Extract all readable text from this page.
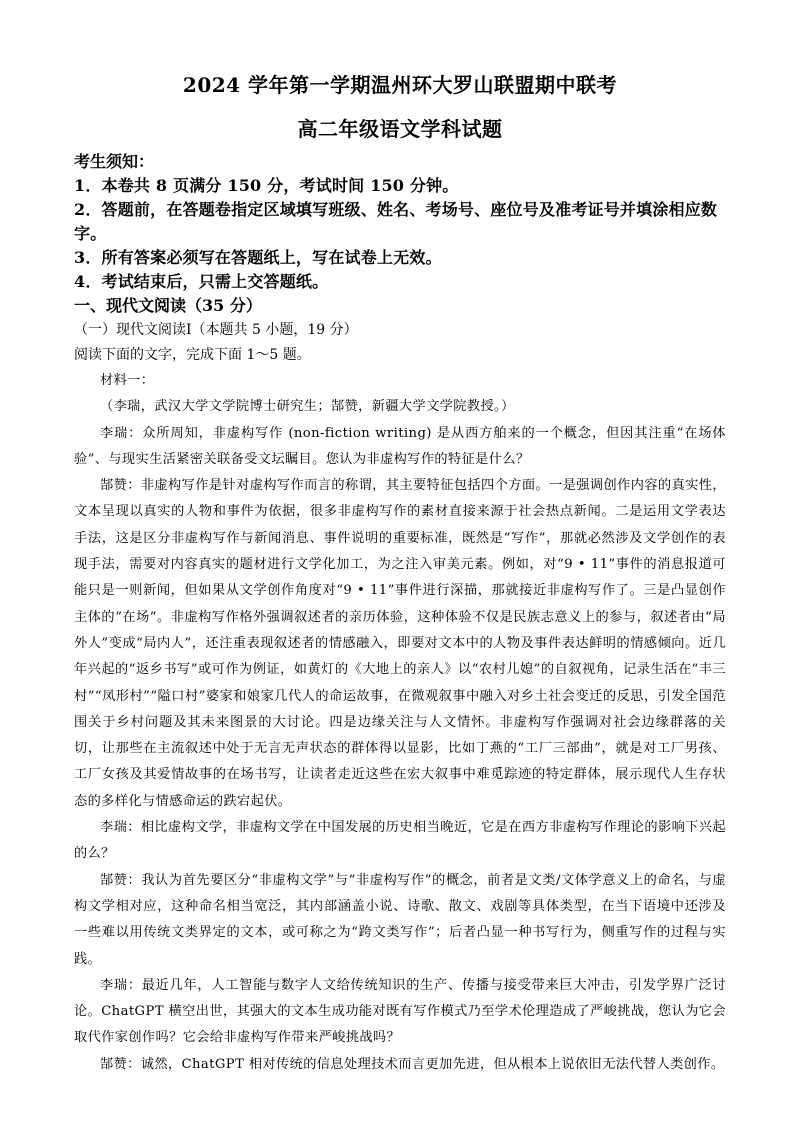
2024 学年第一学期温州环大罗山联盟期中联考
高二年级语文学科试题
考生须知：
1．本卷共 8 页满分 150 分，考试时间 150 分钟。
2．答题前，在答题卷指定区域填写班级、姓名、考场号、座位号及准考证号并填涂相应数字。
3．所有答案必须写在答题纸上，写在试卷上无效。
4．考试结束后，只需上交答题纸。
一、现代文阅读（35 分）
（一）现代文阅读Ⅰ（本题共 5 小题，19 分）
阅读下面的文字，完成下面 1～5 题。

材料一：

（李瑞，武汉大学文学院博士研究生；郜赞，新疆大学文学院教授。）

李瑞：众所周知，非虚构写作 (non-fiction writing) 是从西方舶来的一个概念，但因其注重“在场体验”、与现实生活紧密关联备受文坛瞩目。您认为非虚构写作的特征是什么？

郜赞：非虚构写作是针对虚构写作而言的称谓，其主要特征包括四个方面。一是强调创作内容的真实性，文本呈现以真实的人物和事件为依据，很多非虚构写作的素材直接来源于社会热点新闻。二是运用文学表达手法，这是区分非虚构写作与新闻消息、事件说明的重要标准，既然是“写作”，那就必然涉及文学创作的表现手法，需要对内容真实的题材进行文学化加工，为之注入审美元素。例如，对“9 • 11”事件的消息报道可能只是一则新闻，但如果从文学创作角度对“9 • 11”事件进行深描，那就接近非虚构写作了。三是凸显创作主体的“在场”。非虚构写作格外强调叙述者的亲历体验，这种体验不仅是民族志意义上的参与，叙述者由“局外人”变成“局内人”，还注重表现叙述者的情感融入，即要对文本中的人物及事件表达鲜明的情感倾向。近几年兴起的“返乡书写”或可作为例证，如黄灯的《大地上的亲人》以“农村儿媳”的自叙视角，记录生活在“丰三村”“凤形村”“隘口村”婆家和娘家几代人的命运故事，在微观叙事中融入对乡土社会变迁的反思，引发全国范围关于乡村问题及其未来图景的大讨论。四是边缘关注与人文情怀。非虚构写作强调对社会边缘群落的关切，让那些在主流叙述中处于无言无声状态的群体得以显影，比如丁燕的“工厂三部曲”，就是对工厂男孩、工厂女孩及其爱情故事的在场书写，让读者走近这些在宏大叙事中难觅踪迹的特定群体，展示现代人生存状态的多样化与情感命运的跌宕起伏。

李瑞：相比虚构文学，非虚构文学在中国发展的历史相当晚近，它是在西方非虚构写作理论的影响下兴起的么？

郜赞：我认为首先要区分“非虚构文学”与“非虚构写作”的概念，前者是文类/文体学意义上的命名，与虚构文学相对应，这种命名相当宽泛，其内部涵盖小说、诗歌、散文、戏剧等具体类型，在当下语境中还涉及一些难以用传统文类界定的文本，或可称之为“跨文类写作”；后者凸显一种书写行为，侧重写作的过程与实践。

李瑞：最近几年，人工智能与数字人文给传统知识的生产、传播与接受带来巨大冲击，引发学界广泛讨论。ChatGPT 横空出世，其强大的文本生成功能对既有写作模式乃至学术伦理造成了严峻挑战，您认为它会取代作家创作吗？它会给非虚构写作带来严峻挑战吗？

郜赞：诚然，ChatGPT 相对传统的信息处理技术而言更加先进，但从根本上说依旧无法代替人类创作。
